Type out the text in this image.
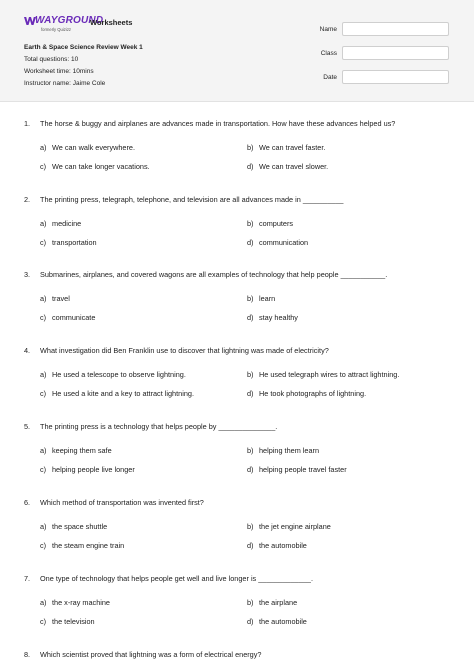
WAYGROUND
formerly Quizizz
Worksheets
Earth & Space Science Review Week 1
Total questions: 10
Worksheet time: 10mins
Instructor name: Jaime Cole
Name
Class
Date
1. The horse & buggy and airplanes are advances made in transportation. How have these advances helped us?
a) We can walk everywhere.	b) We can travel faster.
c) We can take longer vacations.	d) We can travel slower.
2. The printing press, telegraph, telephone, and television are all advances made in __________
a) medicine	b) computers
c) transportation	d) communication
3. Submarines, airplanes, and covered wagons are all examples of technology that help people ___________.
a) travel	b) learn
c) communicate	d) stay healthy
4. What investigation did Ben Franklin use to discover that lightning was made of electricity?
a) He used a telescope to observe lightning.	b) He used telegraph wires to attract lightning.
c) He used a kite and a key to attract lightning.	d) He took photographs of lightning.
5. The printing press is a technology that helps people by ______________.
a) keeping them safe	b) helping them learn
c) helping people live longer	d) helping people travel faster
6. Which method of transportation was invented first?
a) the space shuttle	b) the jet engine airplane
c) the steam engine train	d) the automobile
7. One type of technology that helps people get well and live longer is _____________.
a) the x-ray machine	b) the airplane
c) the television	d) the automobile
8. Which scientist proved that lightning was a form of electrical energy?
